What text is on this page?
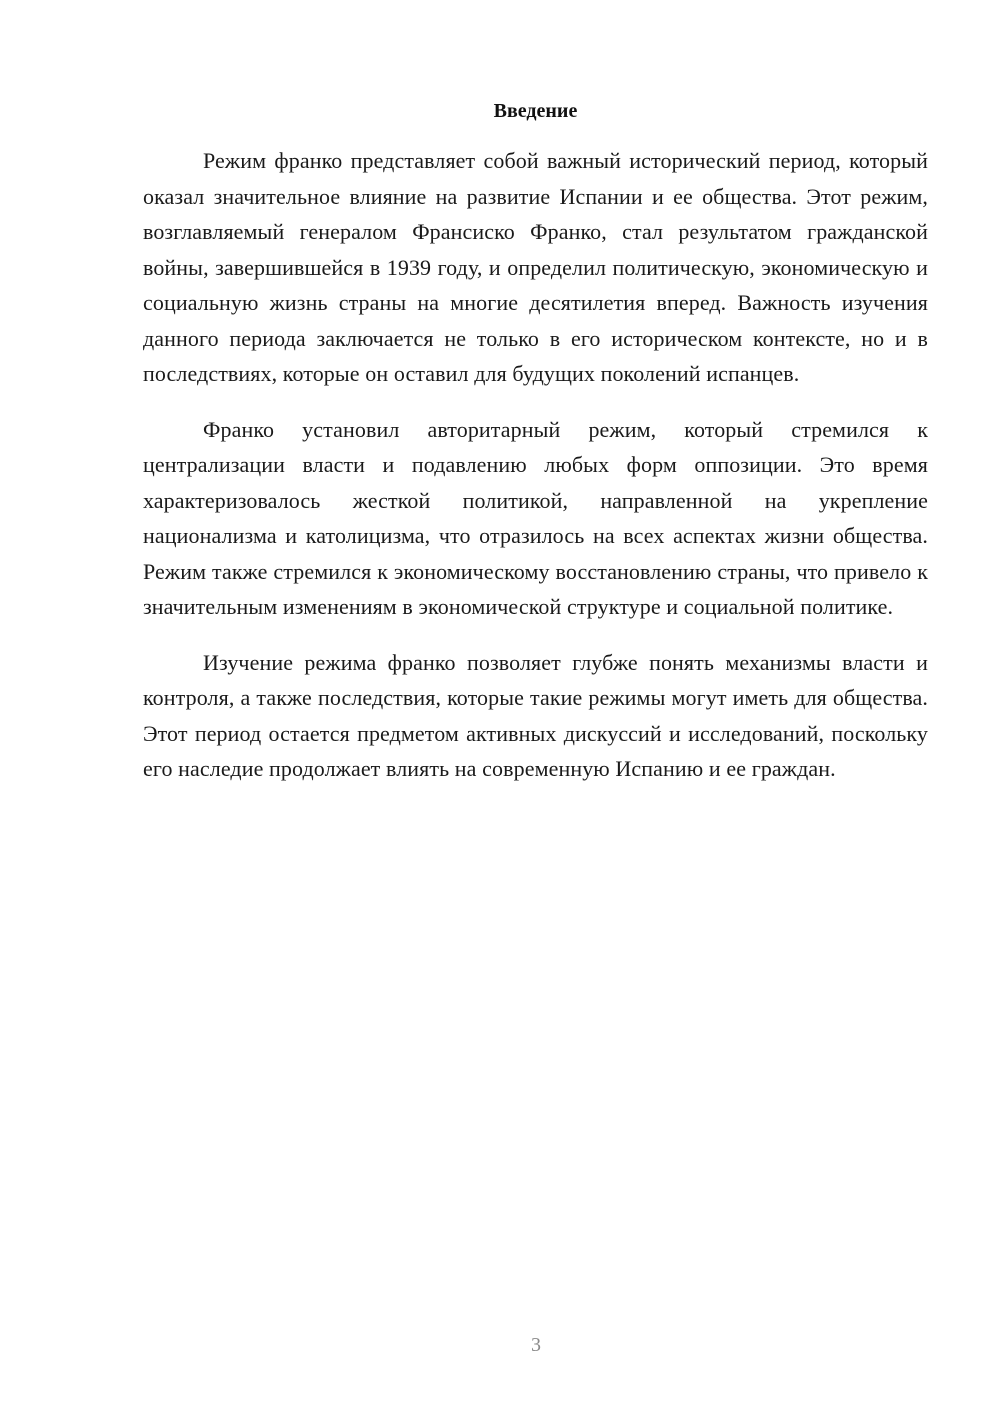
Введение

Режим франко представляет собой важный исторический период, который оказал значительное влияние на развитие Испании и ее общества. Этот режим, возглавляемый генералом Франсиско Франко, стал результатом гражданской войны, завершившейся в 1939 году, и определил политическую, экономическую и социальную жизнь страны на многие десятилетия вперед. Важность изучения данного периода заключается не только в его историческом контексте, но и в последствиях, которые он оставил для будущих поколений испанцев.

Франко установил авторитарный режим, который стремился к централизации власти и подавлению любых форм оппозиции. Это время характеризовалось жесткой политикой, направленной на укрепление национализма и католицизма, что отразилось на всех аспектах жизни общества. Режим также стремился к экономическому восстановлению страны, что привело к значительным изменениям в экономической структуре и социальной политике.

Изучение режима франко позволяет глубже понять механизмы власти и контроля, а также последствия, которые такие режимы могут иметь для общества. Этот период остается предметом активных дискуссий и исследований, поскольку его наследие продолжает влиять на современную Испанию и ее граждан.

3
